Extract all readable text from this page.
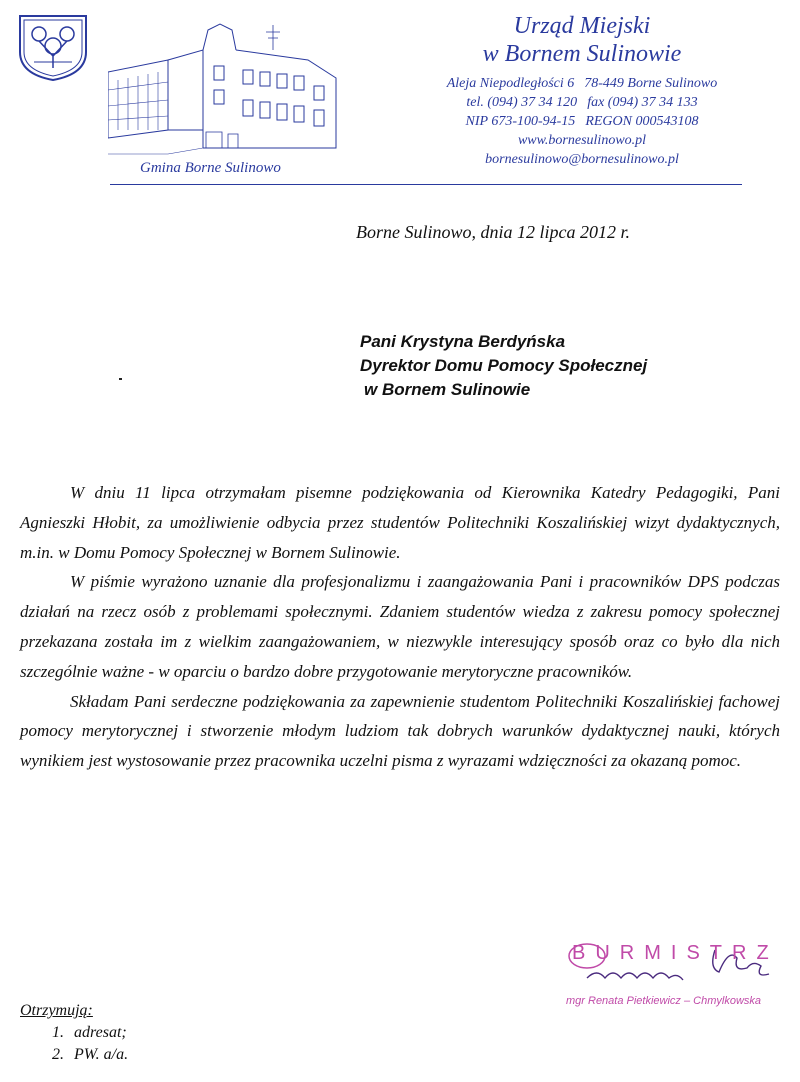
Gmina Borne Sulinowo
Urząd Miejski
w Bornem Sulinowie
Aleja Niepodległości 6 78-449 Borne Sulinowo
tel. (094) 37 34 120 fax (094) 37 34 133
NIP 673-100-94-15 REGON 000543108
www.bornesulinowo.pl
bornesulinowo@bornesulinowo.pl
Borne Sulinowo, dnia 12 lipca 2012 r.
Pani Krystyna Berdyńska
Dyrektor Domu Pomocy Społecznej
w Bornem Sulinowie

W dniu 11 lipca otrzymałam pisemne podziękowania od Kierownika Katedry Pedagogiki, Pani Agnieszki Hłobit, za umożliwienie odbycia przez studentów Politechniki Koszalińskiej wizyt dydaktycznych, m.in. w Domu Pomocy Społecznej w Bornem Sulinowie.

W piśmie wyrażono uznanie dla profesjonalizmu i zaangażowania Pani i pracowników DPS podczas działań na rzecz osób z problemami społecznymi. Zdaniem studentów wiedza z zakresu pomocy społecznej przekazana została im z wielkim zaangażowaniem, w niezwykle interesujący sposób oraz co było dla nich szczególnie ważne - w oparciu o bardzo dobre przygotowanie merytoryczne pracowników.

Składam Pani serdeczne podziękowania za zapewnienie studentom Politechniki Koszalińskiej fachowej pomocy merytorycznej i stworzenie młodym ludziom tak dobrych warunków dydaktycznej nauki, których wynikiem jest wystosowanie przez pracownika uczelni pisma z wyrazami wdzięczności za okazaną pomoc.

BURMISTRZ
mgr Renata Pietkiewicz – Chmylkowska
Otrzymują:
1. adresat;
2. PW. a/a.
